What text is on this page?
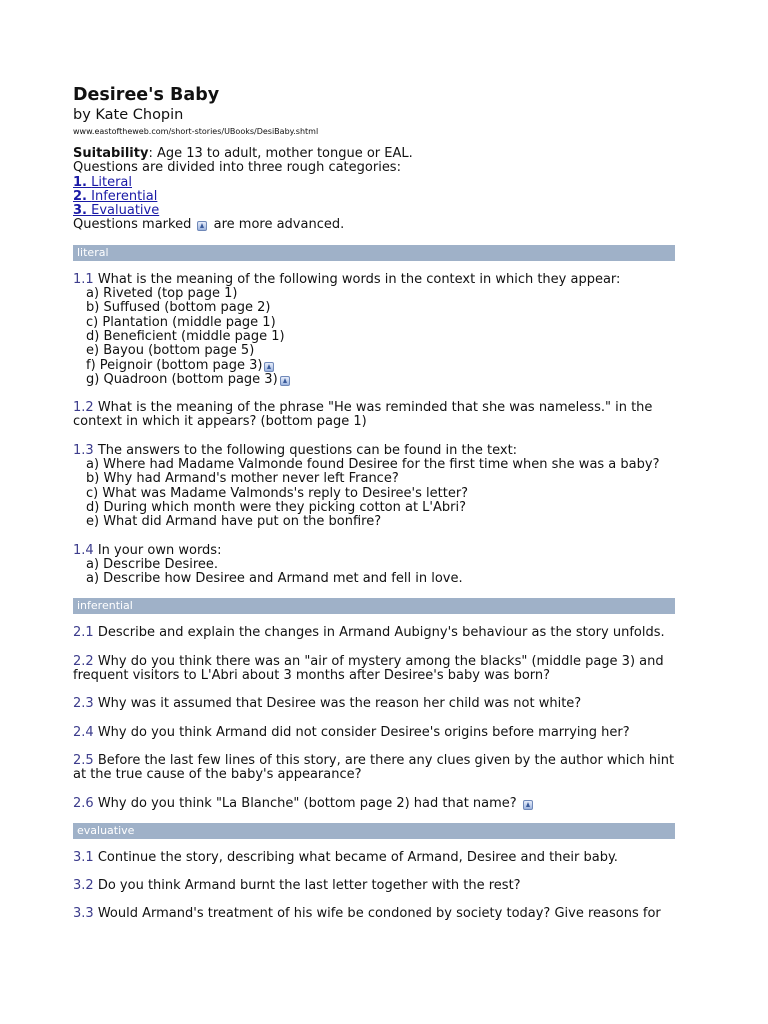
Desiree's Baby
by Kate Chopin
www.eastoftheweb.com/short-stories/UBooks/DesiBaby.shtml
Suitability: Age 13 to adult, mother tongue or EAL.
Questions are divided into three rough categories:
1. Literal
2. Inferential
3. Evaluative
Questions marked are more advanced.
literal
1.1 What is the meaning of the following words in the context in which they appear:
a) Riveted (top page 1)
b) Suffused (bottom page 2)
c) Plantation (middle page 1)
d) Beneficient (middle page 1)
e) Bayou (bottom page 5)
f) Peignoir (bottom page 3)
g) Quadroon (bottom page 3)
1.2 What is the meaning of the phrase "He was reminded that she was nameless." in the context in which it appears? (bottom page 1)
1.3 The answers to the following questions can be found in the text:
a) Where had Madame Valmonde found Desiree for the first time when she was a baby?
b) Why had Armand's mother never left France?
c) What was Madame Valmonds's reply to Desiree's letter?
d) During which month were they picking cotton at L'Abri?
e) What did Armand have put on the bonfire?
1.4 In your own words:
a) Describe Desiree.
a) Describe how Desiree and Armand met and fell in love.
inferential
2.1 Describe and explain the changes in Armand Aubigny's behaviour as the story unfolds.
2.2 Why do you think there was an "air of mystery among the blacks" (middle page 3) and frequent visitors to L'Abri about 3 months after Desiree's baby was born?
2.3 Why was it assumed that Desiree was the reason her child was not white?
2.4 Why do you think Armand did not consider Desiree's origins before marrying her?
2.5 Before the last few lines of this story, are there any clues given by the author which hint at the true cause of the baby's appearance?
2.6 Why do you think "La Blanche" (bottom page 2) had that name?
evaluative
3.1 Continue the story, describing what became of Armand, Desiree and their baby.
3.2 Do you think Armand burnt the last letter together with the rest?
3.3 Would Armand's treatment of his wife be condoned by society today? Give reasons for
